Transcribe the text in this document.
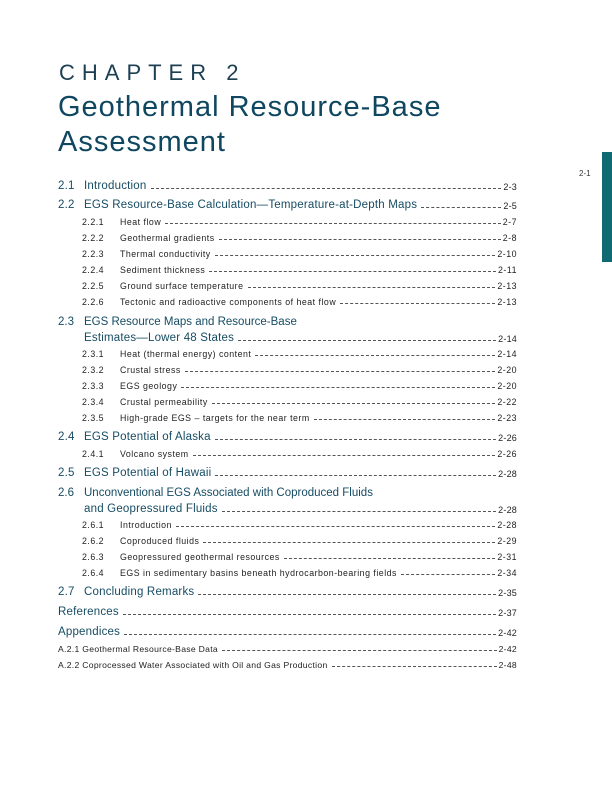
CHAPTER 2
Geothermal Resource-Base Assessment
2-1
2.1 Introduction	2-3
2.2 EGS Resource-Base Calculation—Temperature-at-Depth Maps	2-5
2.2.1	Heat flow	2-7
2.2.2	Geothermal gradients	2-8
2.2.3	Thermal conductivity	2-10
2.2.4	Sediment thickness	2-11
2.2.5	Ground surface temperature	2-13
2.2.6	Tectonic and radioactive components of heat flow	2-13
2.3 EGS Resource Maps and Resource-Base
Estimates—Lower 48 States	2-14
2.3.1	Heat (thermal energy) content	2-14
2.3.2	Crustal stress	2-20
2.3.3	EGS geology	2-20
2.3.4	Crustal permeability	2-22
2.3.5	High-grade EGS – targets for the near term	2-23
2.4 EGS Potential of Alaska	2-26
2.4.1	Volcano system	2-26
2.5 EGS Potential of Hawaii	2-28
2.6 Unconventional EGS Associated with Coproduced Fluids
and Geopressured Fluids	2-28
2.6.1	Introduction	2-28
2.6.2	Coproduced fluids	2-29
2.6.3	Geopressured geothermal resources	2-31
2.6.4	EGS in sedimentary basins beneath hydrocarbon-bearing fields	2-34
2.7 Concluding Remarks	2-35
References	2-37
Appendices	2-42
A.2.1 Geothermal Resource-Base Data	2-42
A.2.2 Coprocessed Water Associated with Oil and Gas Production	2-48
